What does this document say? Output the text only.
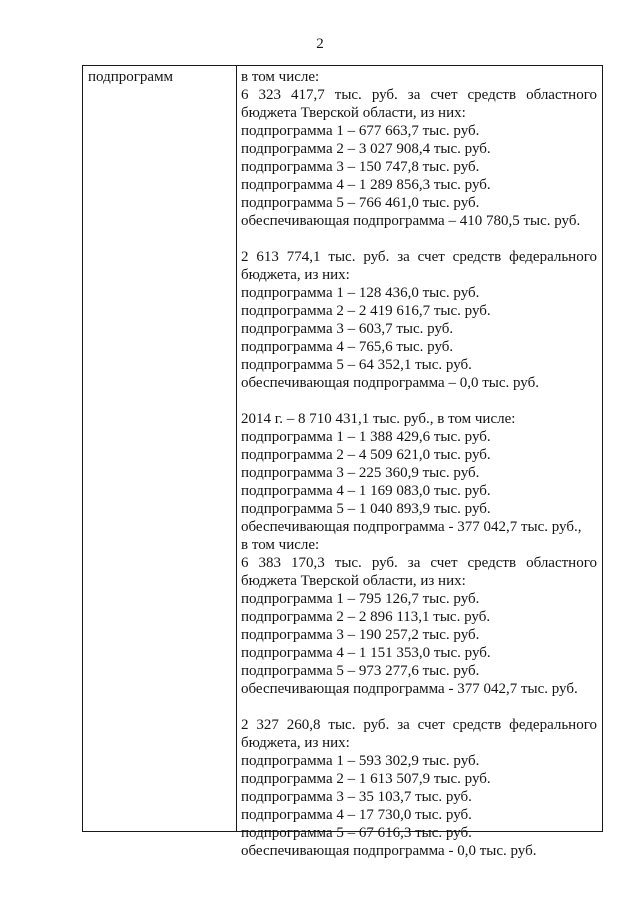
2
подпрограмм	в том числе:
6 323 417,7 тыс. руб. за счет средств областного
бюджета Тверской области, из них:
подпрограмма 1 – 677 663,7 тыс. руб.
подпрограмма 2 – 3 027 908,4 тыс. руб.
подпрограмма 3 – 150 747,8 тыс. руб.
подпрограмма 4 – 1 289 856,3 тыс. руб.
подпрограмма 5 – 766 461,0 тыс. руб.
обеспечивающая подпрограмма – 410 780,5 тыс. руб.
2 613 774,1 тыс. руб. за счет средств федерального
бюджета, из них:
подпрограмма 1 – 128 436,0 тыс. руб.
подпрограмма 2 – 2 419 616,7 тыс. руб.
подпрограмма 3 – 603,7 тыс. руб.
подпрограмма 4 – 765,6 тыс. руб.
подпрограмма 5 – 64 352,1 тыс. руб.
обеспечивающая подпрограмма – 0,0 тыс. руб.
2014 г. – 8 710 431,1 тыс. руб., в том числе:
подпрограмма 1 – 1 388 429,6 тыс. руб.
подпрограмма 2 – 4 509 621,0 тыс. руб.
подпрограмма 3 – 225 360,9 тыс. руб.
подпрограмма 4 – 1 169 083,0 тыс. руб.
подпрограмма 5 – 1 040 893,9 тыс. руб.
обеспечивающая подпрограмма - 377 042,7 тыс. руб.,
в том числе:
6 383 170,3 тыс. руб. за счет средств областного
бюджета Тверской области, из них:
подпрограмма 1 – 795 126,7 тыс. руб.
подпрограмма 2 – 2 896 113,1 тыс. руб.
подпрограмма 3 – 190 257,2 тыс. руб.
подпрограмма 4 – 1 151 353,0 тыс. руб.
подпрограмма 5 – 973 277,6 тыс. руб.
обеспечивающая подпрограмма - 377 042,7 тыс. руб.
2 327 260,8 тыс. руб. за счет средств федерального
бюджета, из них:
подпрограмма 1 – 593 302,9 тыс. руб.
подпрограмма 2 – 1 613 507,9 тыс. руб.
подпрограмма 3 – 35 103,7 тыс. руб.
подпрограмма 4 – 17 730,0 тыс. руб.
подпрограмма 5 – 67 616,3 тыс. руб.
обеспечивающая подпрограмма - 0,0 тыс. руб.
